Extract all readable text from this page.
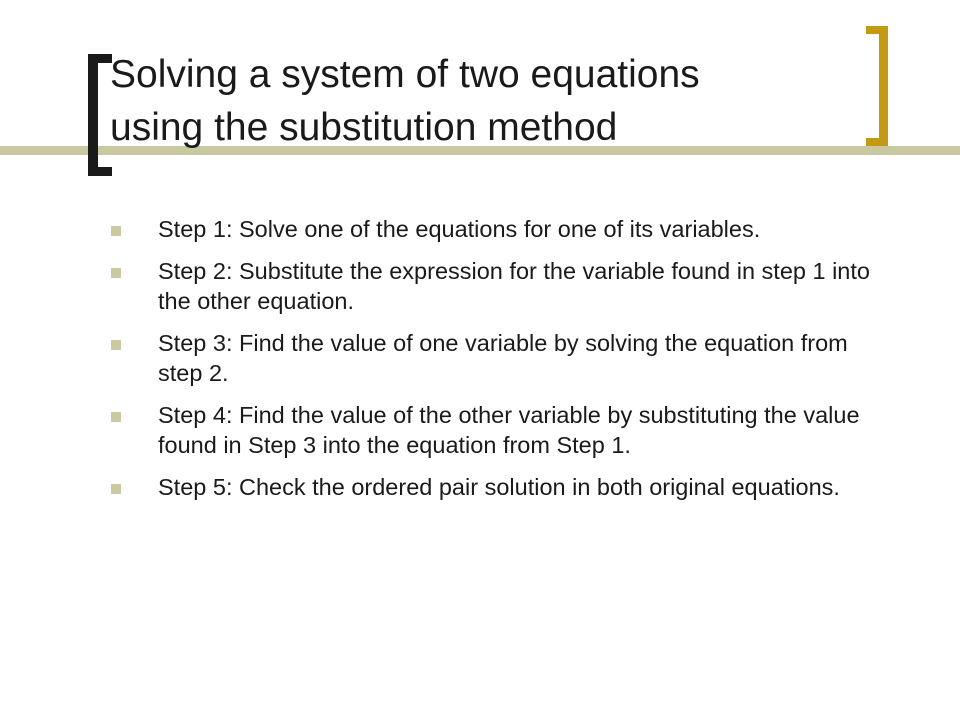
Solving a system of two equations
using the substitution method
Step 1: Solve one of the equations for one of its variables.
Step 2: Substitute the expression for the variable found in step 1 into the other equation.
Step 3: Find the value of one variable by solving the equation from step 2.
Step 4: Find the value of the other variable by substituting the value found in Step 3 into the equation from Step 1.
Step 5: Check the ordered pair solution in both original equations.
